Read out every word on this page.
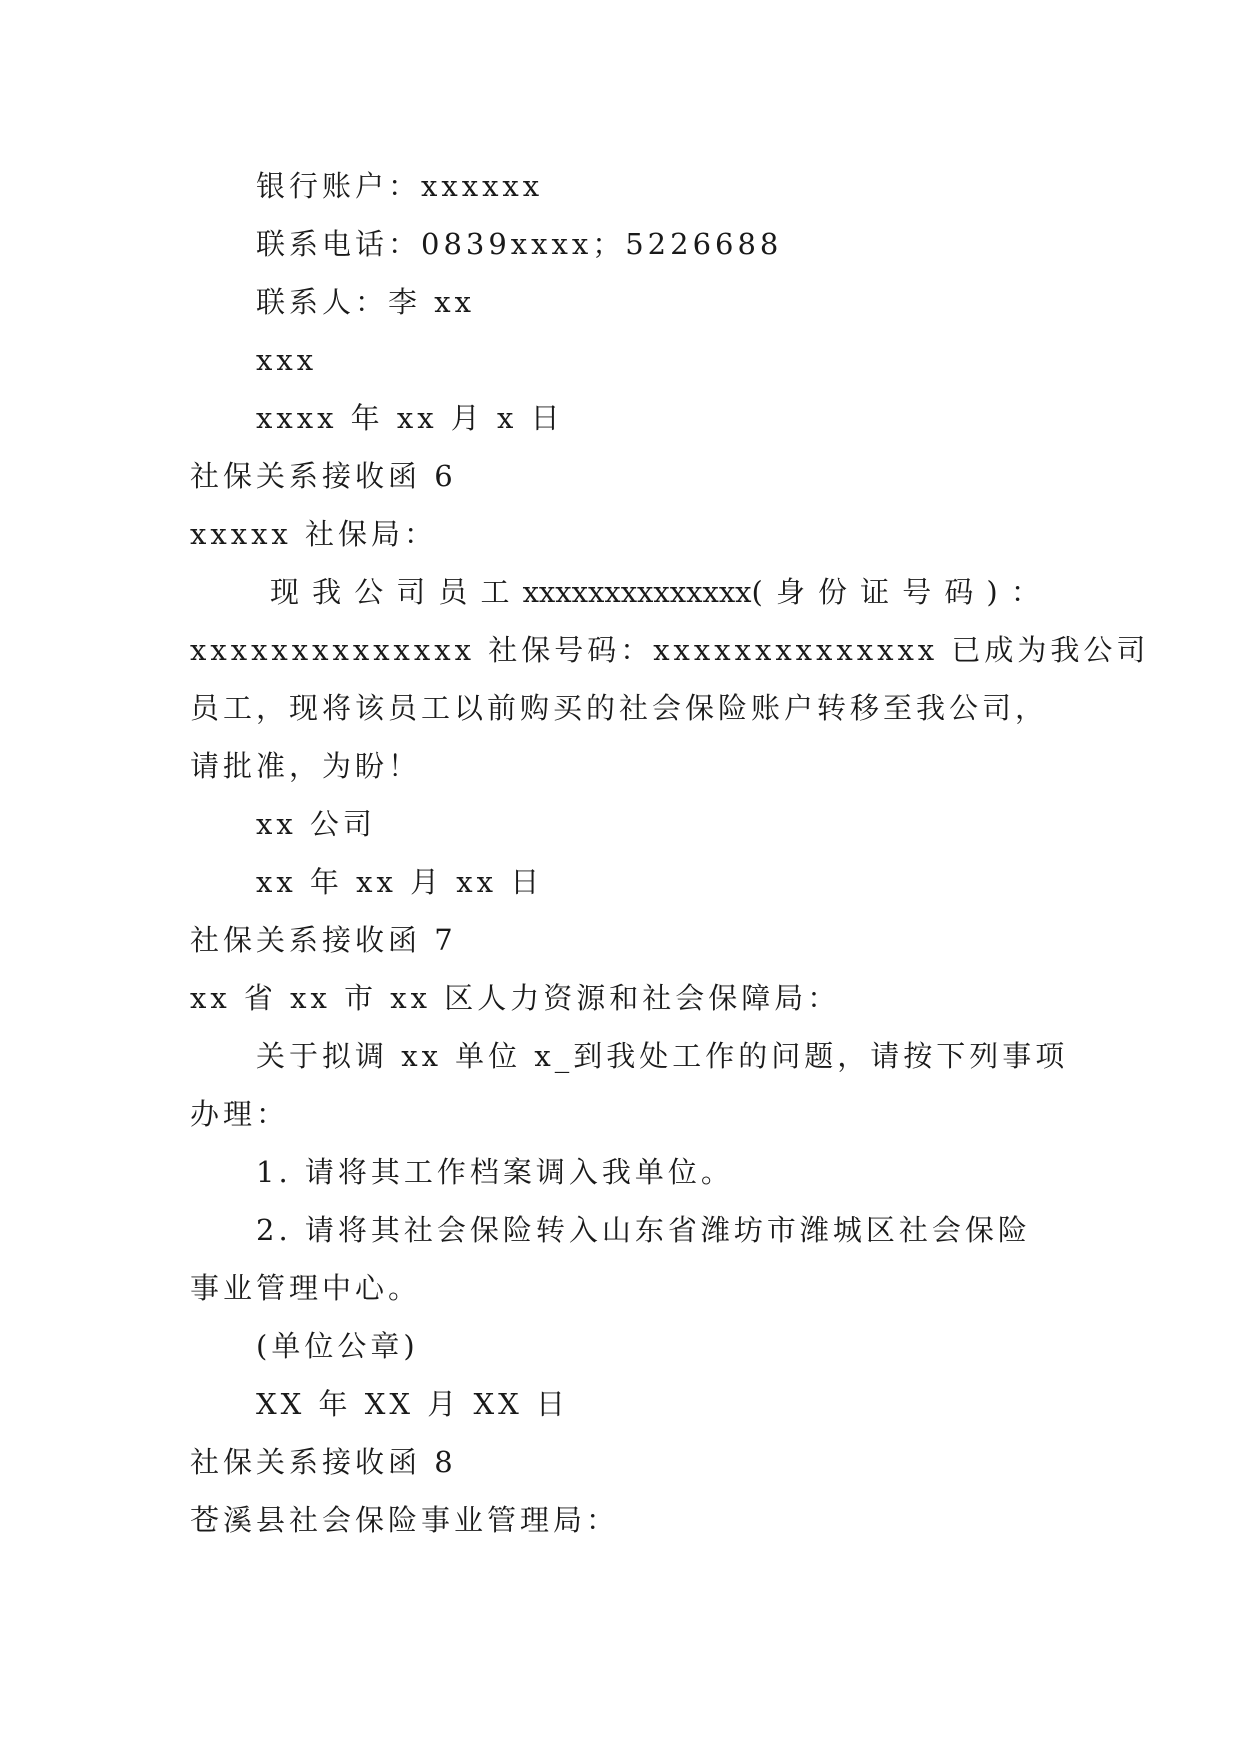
银行账户：xxxxxx
联系电话：0839xxxx；5226688
联系人：李 xx
xxx
xxxx 年 xx 月 x 日
社保关系接收函 6
xxxxx 社保局：
现 我 公 司 员 工 xxxxxxxxxxxxxx( 身 份 证 号 码 ) ：
xxxxxxxxxxxxxx 社保号码：xxxxxxxxxxxxxx 已成为我公司
员工，现将该员工以前购买的社会保险账户转移至我公司，
请批准，为盼！
xx 公司
xx 年 xx 月 xx 日
社保关系接收函 7
xx 省 xx 市 xx 区人力资源和社会保障局：
关于拟调 xx 单位 x_到我处工作的问题，请按下列事项
办理：
1. 请将其工作档案调入我单位。
2. 请将其社会保险转入山东省潍坊市潍城区社会保险
事业管理中心。
(单位公章)
XX 年 XX 月 XX 日
社保关系接收函 8
苍溪县社会保险事业管理局：
